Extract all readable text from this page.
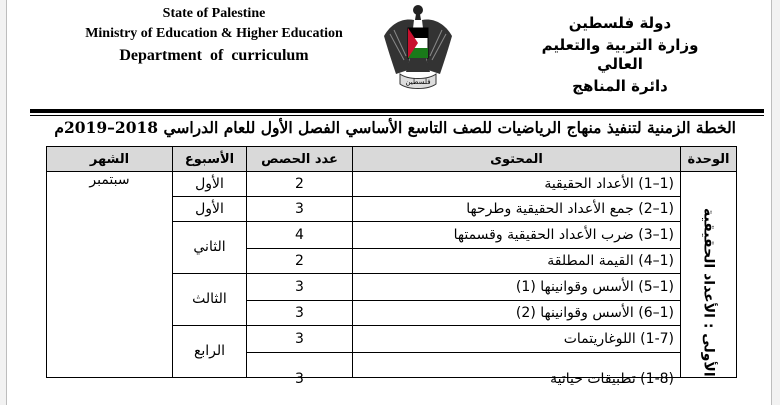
State of Palestine
Ministry of Education & Higher Education
Department of curriculum
فلسطين
دولة فلسطين
وزارة التربية والتعليم العالي
دائرة المناهج
الخطة الزمنية لتنفيذ منهاج الرياضيات للصف التاسع الأساسي الفصل الأول للعام الدراسي 2018–2019م
الوحدة	المحتوى	عدد الحصص	الأسبوع	الشهر

الأولى : الأعداد الحقيقية	(1–1) الأعداد الحقيقية	2	الأول	سبتمبر
	(1–2) جمع الأعداد الحقيقية وطرحها	3	الأول	
	(1–3) ضرب الأعداد الحقيقية وقسمتها	4	الثاني	
	(1–4) القيمة المطلقة	2		
	(1–5) الأسس وقوانينها (1)	3	الثالث	
	(1–6) الأسس وقوانينها (2)	3		
	(1-7) اللوغاريتمات	3	الرابع	

	(1-8) تطبيقات حياتية	3		
